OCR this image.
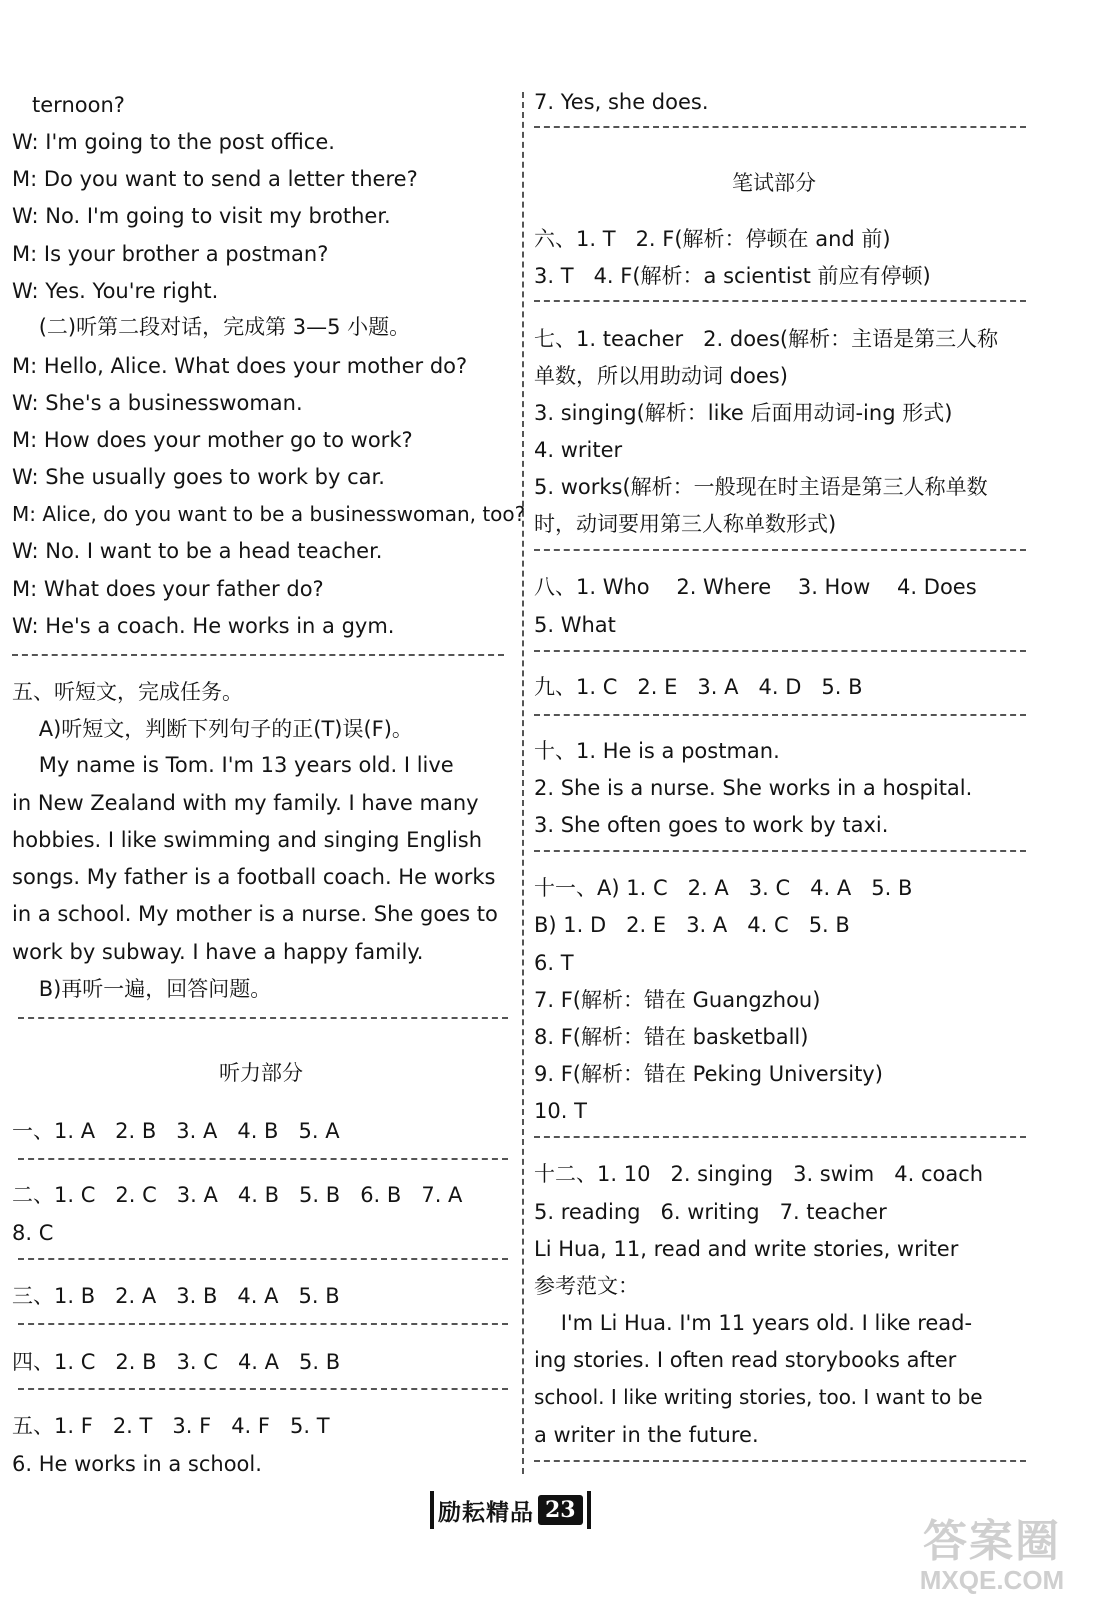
ternoon?
W: I'm going to the post office.
M: Do you want to send a letter there?
W: No. I'm going to visit my brother.
M: Is your brother a postman?
W: Yes. You're right.
(二)听第二段对话，完成第 3—5 小题。
M: Hello, Alice. What does your mother do?
W: She's a businesswoman.
M: How does your mother go to work?
W: She usually goes to work by car.
M: Alice, do you want to be a businesswoman, too?
W: No. I want to be a head teacher.
M: What does your father do?
W: He's a coach. He works in a gym.
五、听短文，完成任务。
A)听短文，判断下列句子的正(T)误(F)。
My name is Tom. I'm 13 years old. I live
in New Zealand with my family. I have many
hobbies. I like swimming and singing English
songs. My father is a football coach. He works
in a school. My mother is a nurse. She goes to
work by subway. I have a happy family.
B)再听一遍，回答问题。
听力部分
一、1. A   2. B   3. A   4. B   5. A
二、1. C   2. C   3. A   4. B   5. B   6. B   7. A
8. C
三、1. B   2. A   3. B   4. A   5. B
四、1. C   2. B   3. C   4. A   5. B
五、1. F   2. T   3. F   4. F   5. T
6. He works in a school.
7. Yes, she does.
笔试部分
六、1. T   2. F(解析：停顿在 and 前)
3. T   4. F(解析：a scientist 前应有停顿)
七、1. teacher   2. does(解析：主语是第三人称
单数，所以用助动词 does)
3. singing(解析：like 后面用动词-ing 形式)
4. writer
5. works(解析：一般现在时主语是第三人称单数
时，动词要用第三人称单数形式)
八、1. Who    2. Where    3. How    4. Does
5. What
九、1. C   2. E   3. A   4. D   5. B
十、1. He is a postman.
2. She is a nurse. She works in a hospital.
3. She often goes to work by taxi.
十一、A) 1. C   2. A   3. C   4. A   5. B
B) 1. D   2. E   3. A   4. C   5. B
6. T
7. F(解析：错在 Guangzhou)
8. F(解析：错在 basketball)
9. F(解析：错在 Peking University)
10. T
十二、1. 10   2. singing   3. swim   4. coach
5. reading   6. writing   7. teacher
Li Hua, 11, read and write stories, writer
参考范文：
I'm Li Hua. I'm 11 years old. I like read-
ing stories. I often read storybooks after
school. I like writing stories, too. I want to be
a writer in the future.
励耘精品 23
答案圈
MXQE.COM
